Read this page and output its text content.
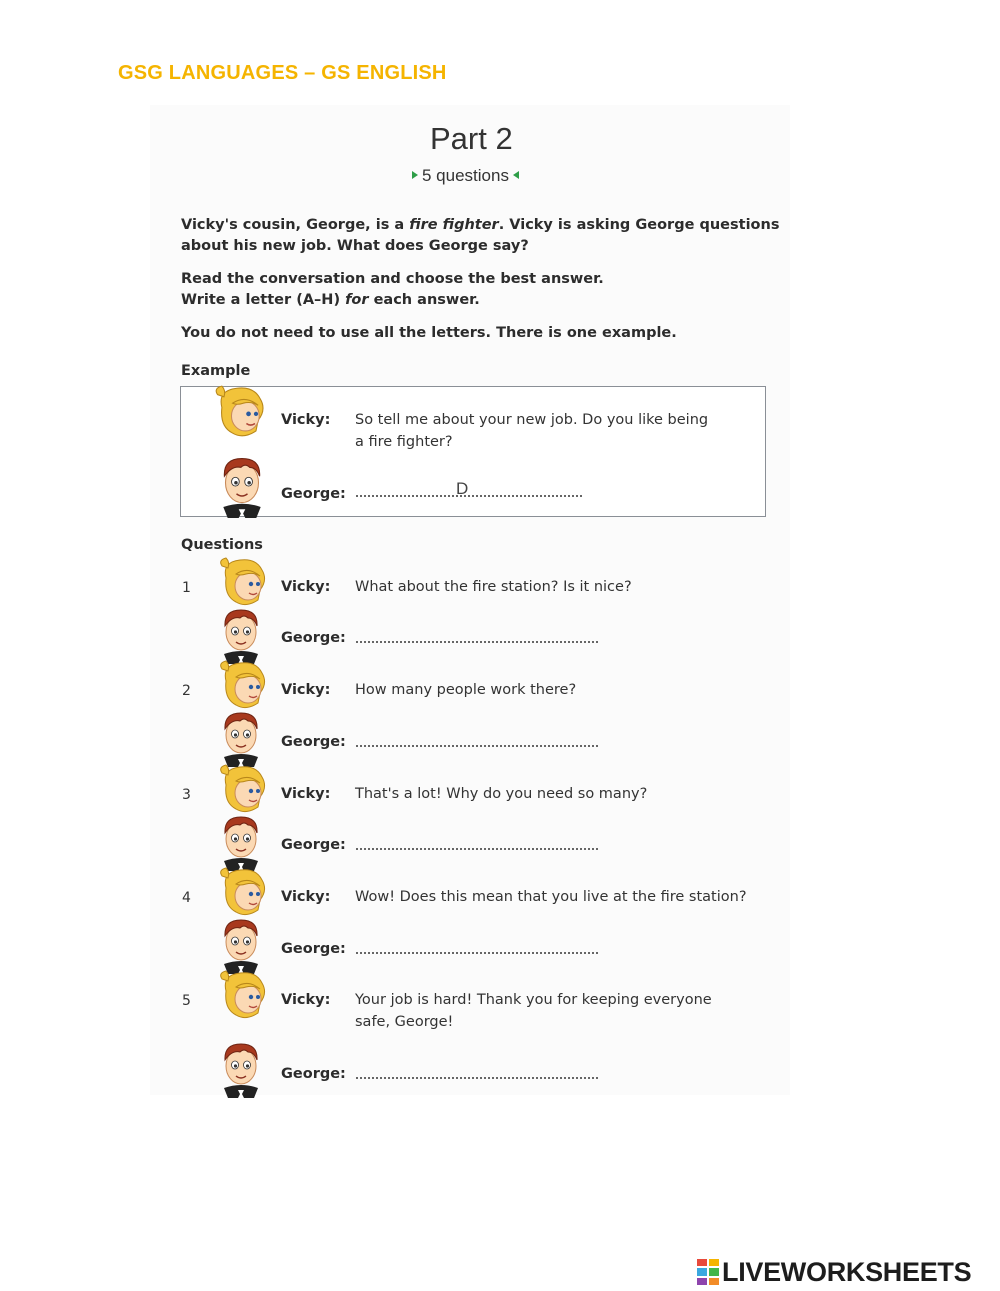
GSG LANGUAGES – GS ENGLISH
Part 2
5 questions
Vicky's cousin, George, is a fire fighter. Vicky is asking George questions
about his new job. What does George say?
Read the conversation and choose the best answer.
Write a letter (A–H) for each answer.
You do not need to use all the letters. There is one example.
Example
Vicky: So tell me about your new job. Do you like being
a fire fighter?
George:	D
Questions
1	Vicky: What about the fire station? Is it nice?
George:
2	Vicky: How many people work there?
George:
3	Vicky: That's a lot! Why do you need so many?
George:
4	Vicky: Wow! Does this mean that you live at the fire station?
George:
5	Vicky: Your job is hard! Thank you for keeping everyone
safe, George!
George:
LIVEWORKSHEETS
